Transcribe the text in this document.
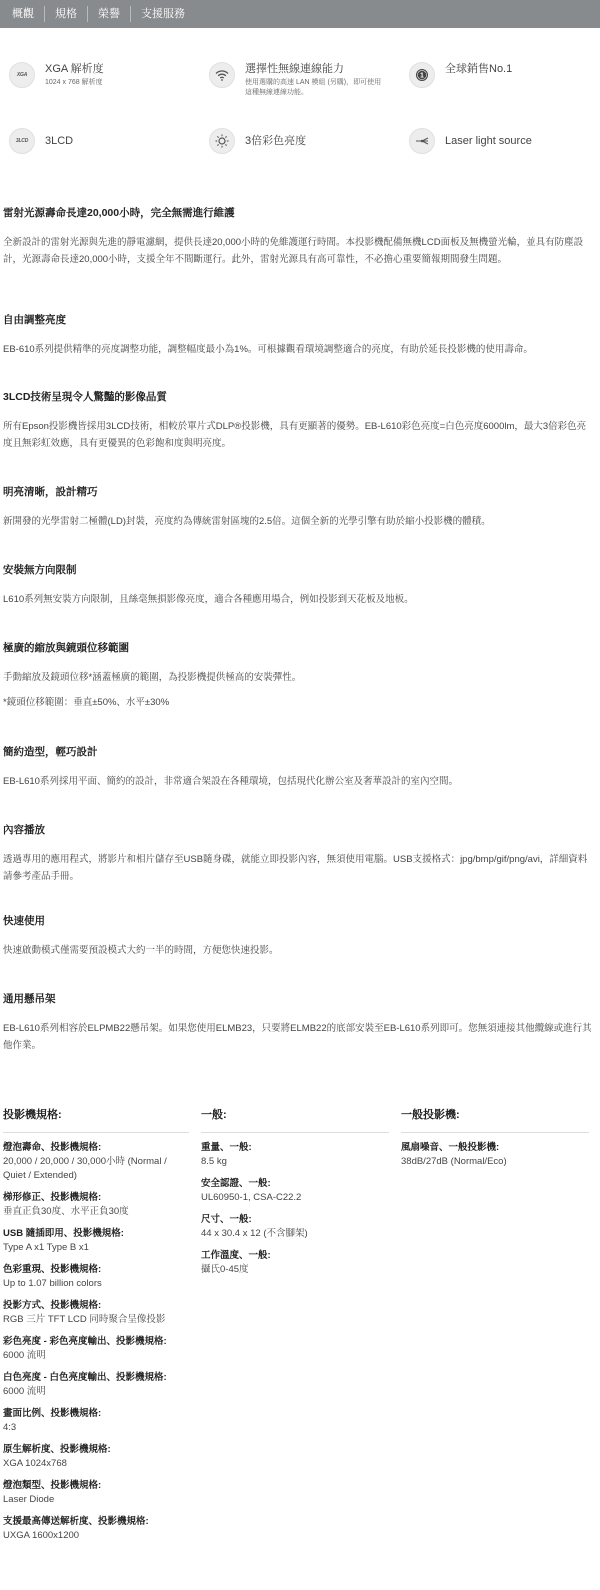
概觀	規格	榮譽	支援服務
XGA XGA 解析度
1024 x 768 解析度
選擇性無線連線能力
使用選購的高速 LAN 模組 (另購)，即可使用這種無線連線功能。
1
全球銷售No.1
3LCD 3LCD	3倍彩色亮度	Laser light source
雷射光源壽命長達20,000小時，完全無需進行維護

全新設計的雷射光源與先進的靜電濾網，提供長達20,000小時的免維護運行時間。本投影機配備無機LCD面板及無機螢光輪，並具有防塵設計，光源壽命長達20,000小時，支援全年不間斷運行。此外，雷射光源具有高可靠性，不必擔心重要簡報期間發生問題。

自由調整亮度

EB-610系列提供精準的亮度調整功能，調整幅度最小為1%。可根據觀看環境調整適合的亮度，有助於延長投影機的使用壽命。

3LCD技術呈現令人驚豔的影像品質

所有Epson投影機皆採用3LCD技術，相較於單片式DLP®投影機，具有更顯著的優勢。EB-L610彩色亮度=白色亮度6000lm，最大3倍彩色亮度且無彩虹效應，具有更優異的色彩飽和度與明亮度。

明亮清晰，設計精巧

新開發的光學雷射二極體(LD)封裝，亮度約為傳統雷射區塊的2.5倍。這個全新的光學引擎有助於縮小投影機的體積。

安裝無方向限制

L610系列無安裝方向限制，且絲毫無損影像亮度，適合各種應用場合，例如投影到天花板及地板。

極廣的縮放與鏡頭位移範圍

手動縮放及鏡頭位移*涵蓋極廣的範圍，為投影機提供極高的安裝彈性。

*鏡頭位移範圍：垂直±50%、水平±30%

簡約造型，輕巧設計

EB-L610系列採用平面、簡約的設計，非常適合架設在各種環境，包括現代化辦公室及奢華設計的室內空間。

內容播放

透過專用的應用程式，將影片和相片儲存至USB隨身碟，就能立即投影內容，無須使用電腦。USB支援格式：jpg/bmp/gif/png/avi，詳細資料請參考產品手冊。

快速使用

快速啟動模式僅需要預設模式大約一半的時間，方便您快速投影。

通用懸吊架

EB-L610系列相容於ELPMB22懸吊架。如果您使用ELMB23，只要將ELMB22的底部安裝至EB-L610系列即可。您無須連接其他纜線或進行其他作業。

投影機規格:
燈泡壽命、投影機規格:
20,000 / 20,000 / 30,000小時 (Normal / Quiet / Extended)
梯形修正、投影機規格:
垂直正負30度、水平正負30度
USB 隨插即用、投影機規格:
Type A x1 Type B x1
色彩重現、投影機規格:
Up to 1.07 billion colors
投影方式、投影機規格:
RGB 三片 TFT LCD 同時聚合呈像投影
彩色亮度 - 彩色亮度輸出、投影機規格:
6000 流明
白色亮度 - 白色亮度輸出、投影機規格:
6000 流明
畫面比例、投影機規格:
4:3
原生解析度、投影機規格:
XGA 1024x768
燈泡類型、投影機規格:
Laser Diode
支援最高傳送解析度、投影機規格:
UXGA 1600x1200
一般:
重量、一般:
8.5 kg
安全認證、一般:
UL60950-1, CSA-C22.2
尺寸、一般:
44 x 30.4 x 12 (不含腳架)
工作溫度、一般:
攝氏0-45度
一般投影機:
風扇噪音、一般投影機:
38dB/27dB (Normal/Eco)
